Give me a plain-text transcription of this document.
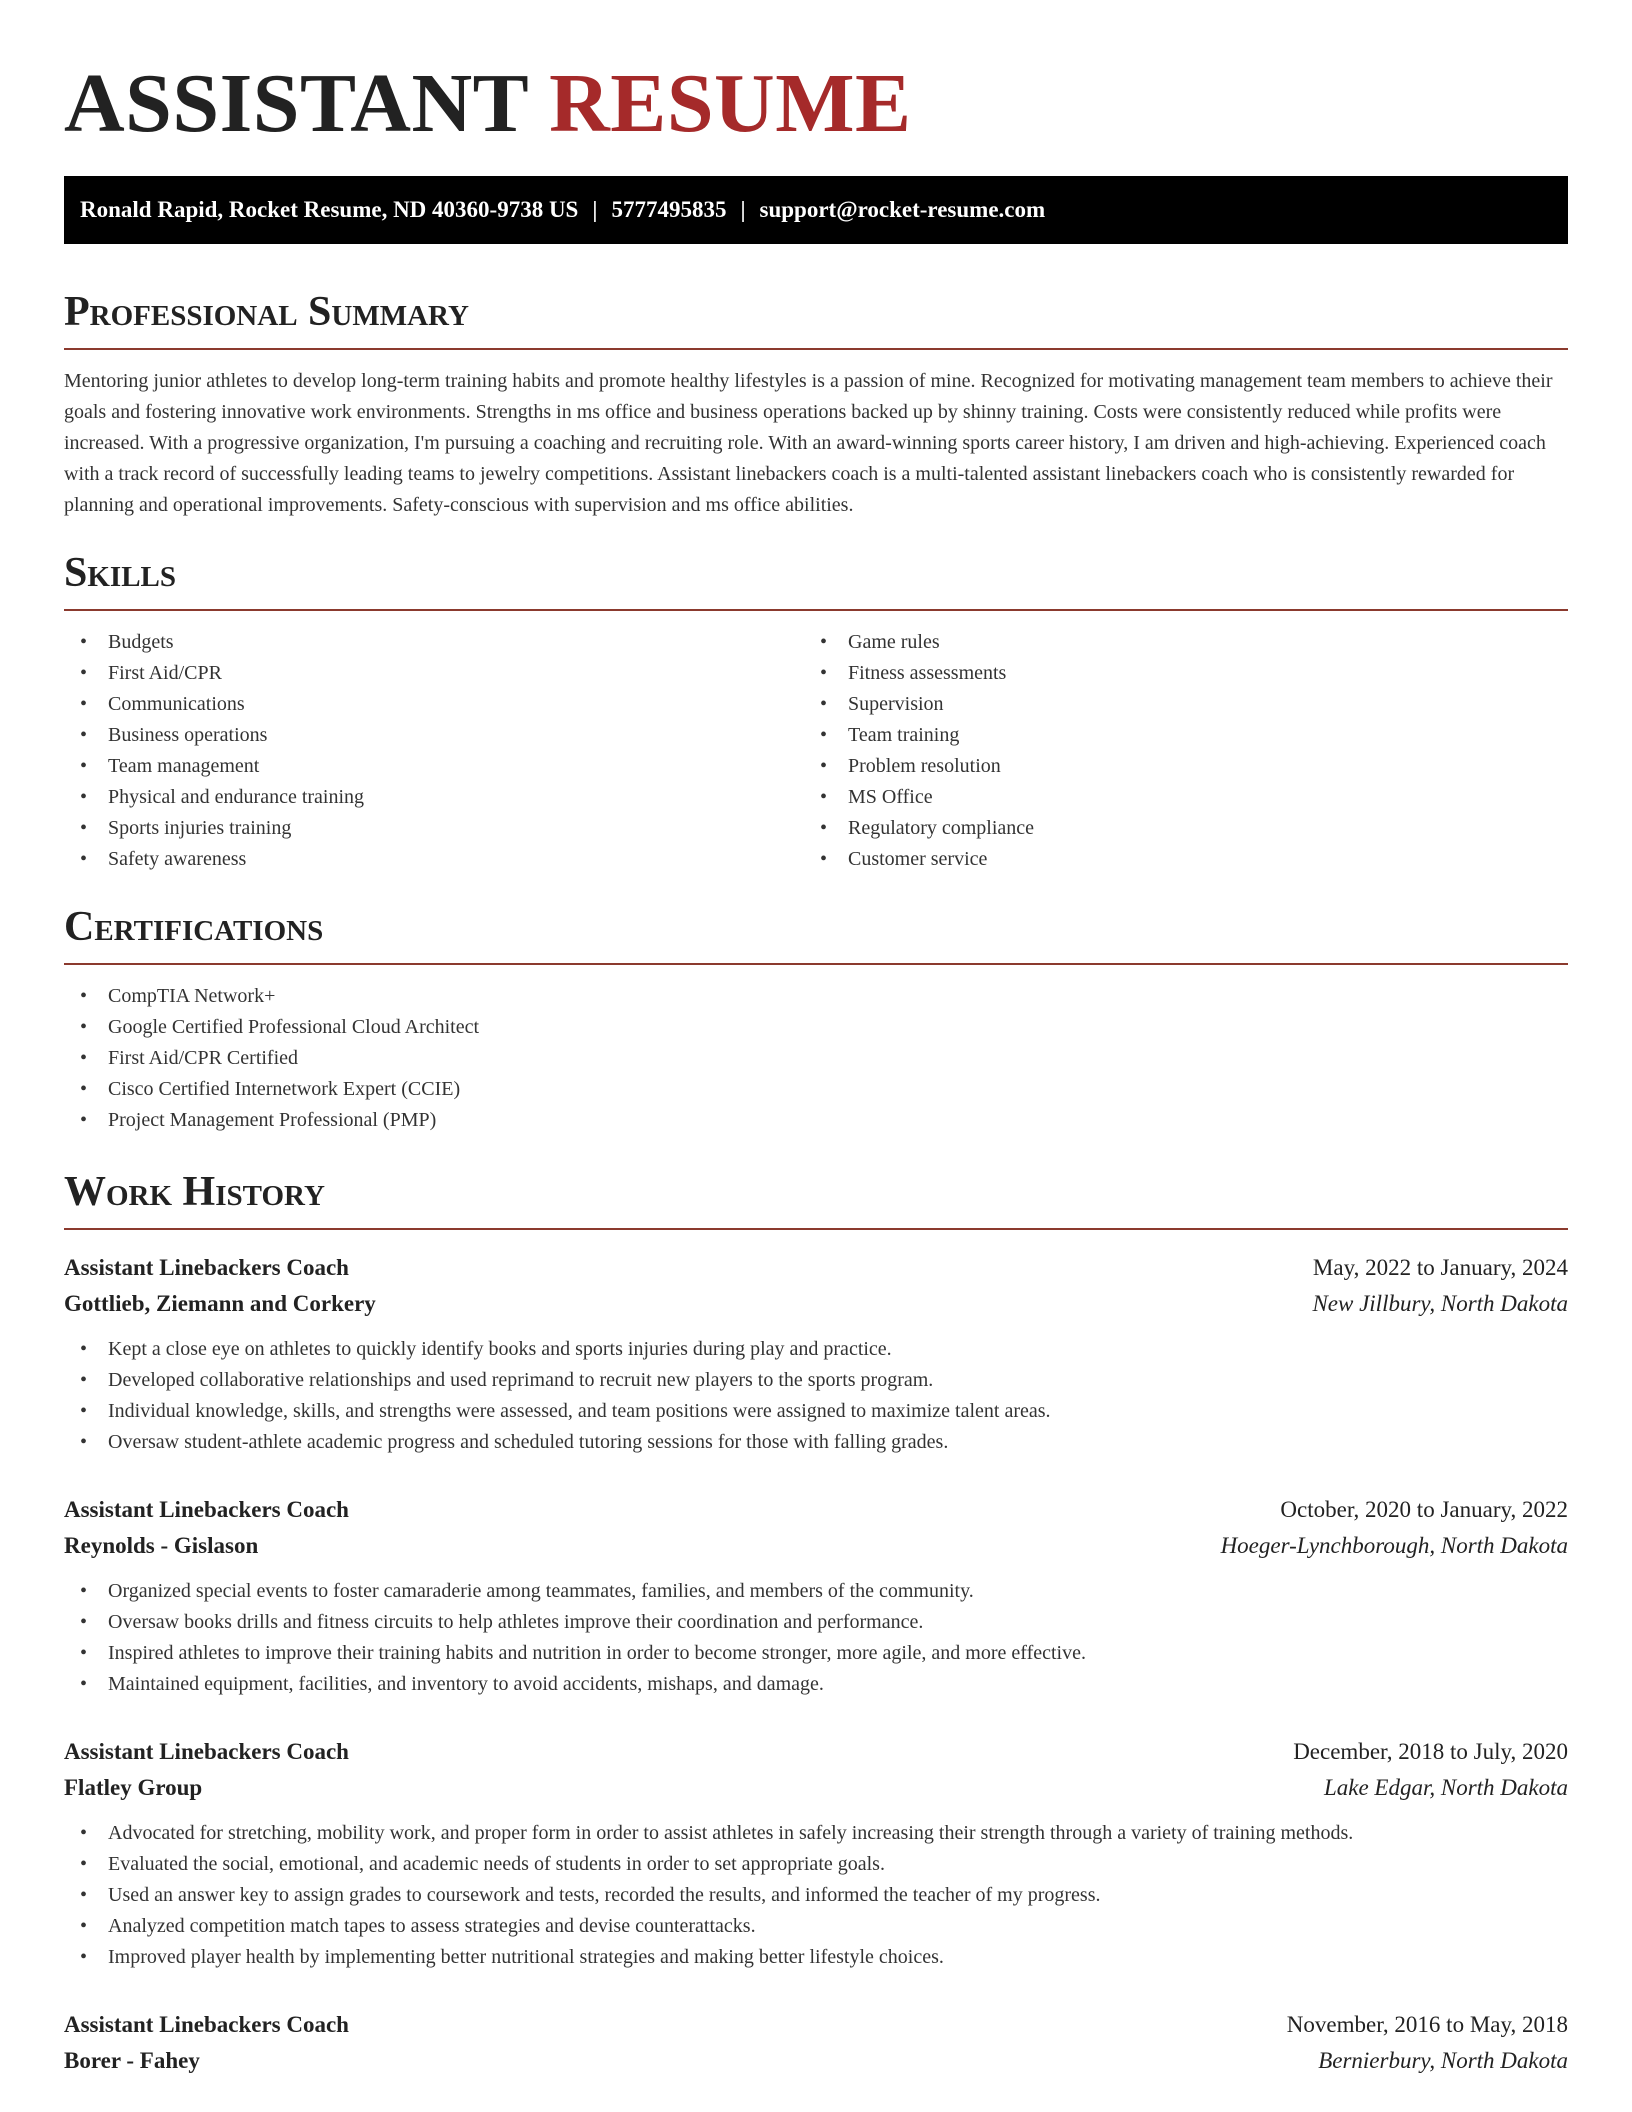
ASSISTANT RESUME
Ronald Rapid, Rocket Resume, ND 40360-9738 US | 5777495835 | support@rocket-resume.com
Professional Summary

Mentoring junior athletes to develop long-term training habits and promote healthy lifestyles is a passion of mine. Recognized for motivating management team members to achieve their goals and fostering innovative work environments. Strengths in ms office and business operations backed up by shinny training. Costs were consistently reduced while profits were increased. With a progressive organization, I'm pursuing a coaching and recruiting role. With an award-winning sports career history, I am driven and high-achieving. Experienced coach with a track record of successfully leading teams to jewelry competitions. Assistant linebackers coach is a multi-talented assistant linebackers coach who is consistently rewarded for planning and operational improvements. Safety-conscious with supervision and ms office abilities.

Skills
• Budgets
• First Aid/CPR
• Communications
• Business operations
• Team management
• Physical and endurance training
• Sports injuries training
• Safety awareness
• Game rules
• Fitness assessments
• Supervision
• Team training
• Problem resolution
• MS Office
• Regulatory compliance
• Customer service
Certifications
• CompTIA Network+
• Google Certified Professional Cloud Architect
• First Aid/CPR Certified
• Cisco Certified Internetwork Expert (CCIE)
• Project Management Professional (PMP)
Work History
Assistant Linebackers Coach	May, 2022 to January, 2024
Gottlieb, Ziemann and Corkery	New Jillbury, North Dakota
• Kept a close eye on athletes to quickly identify books and sports injuries during play and practice.
• Developed collaborative relationships and used reprimand to recruit new players to the sports program.
• Individual knowledge, skills, and strengths were assessed, and team positions were assigned to maximize talent areas.
• Oversaw student-athlete academic progress and scheduled tutoring sessions for those with falling grades.
Assistant Linebackers Coach	October, 2020 to January, 2022
Reynolds - Gislason	Hoeger-Lynchborough, North Dakota
• Organized special events to foster camaraderie among teammates, families, and members of the community.
• Oversaw books drills and fitness circuits to help athletes improve their coordination and performance.
• Inspired athletes to improve their training habits and nutrition in order to become stronger, more agile, and more effective.
• Maintained equipment, facilities, and inventory to avoid accidents, mishaps, and damage.
Assistant Linebackers Coach	December, 2018 to July, 2020
Flatley Group	Lake Edgar, North Dakota
• Advocated for stretching, mobility work, and proper form in order to assist athletes in safely increasing their strength through a variety of training methods.
• Evaluated the social, emotional, and academic needs of students in order to set appropriate goals.
• Used an answer key to assign grades to coursework and tests, recorded the results, and informed the teacher of my progress.
• Analyzed competition match tapes to assess strategies and devise counterattacks.
• Improved player health by implementing better nutritional strategies and making better lifestyle choices.
Assistant Linebackers Coach	November, 2016 to May, 2018
Borer - Fahey	Bernierbury, North Dakota
